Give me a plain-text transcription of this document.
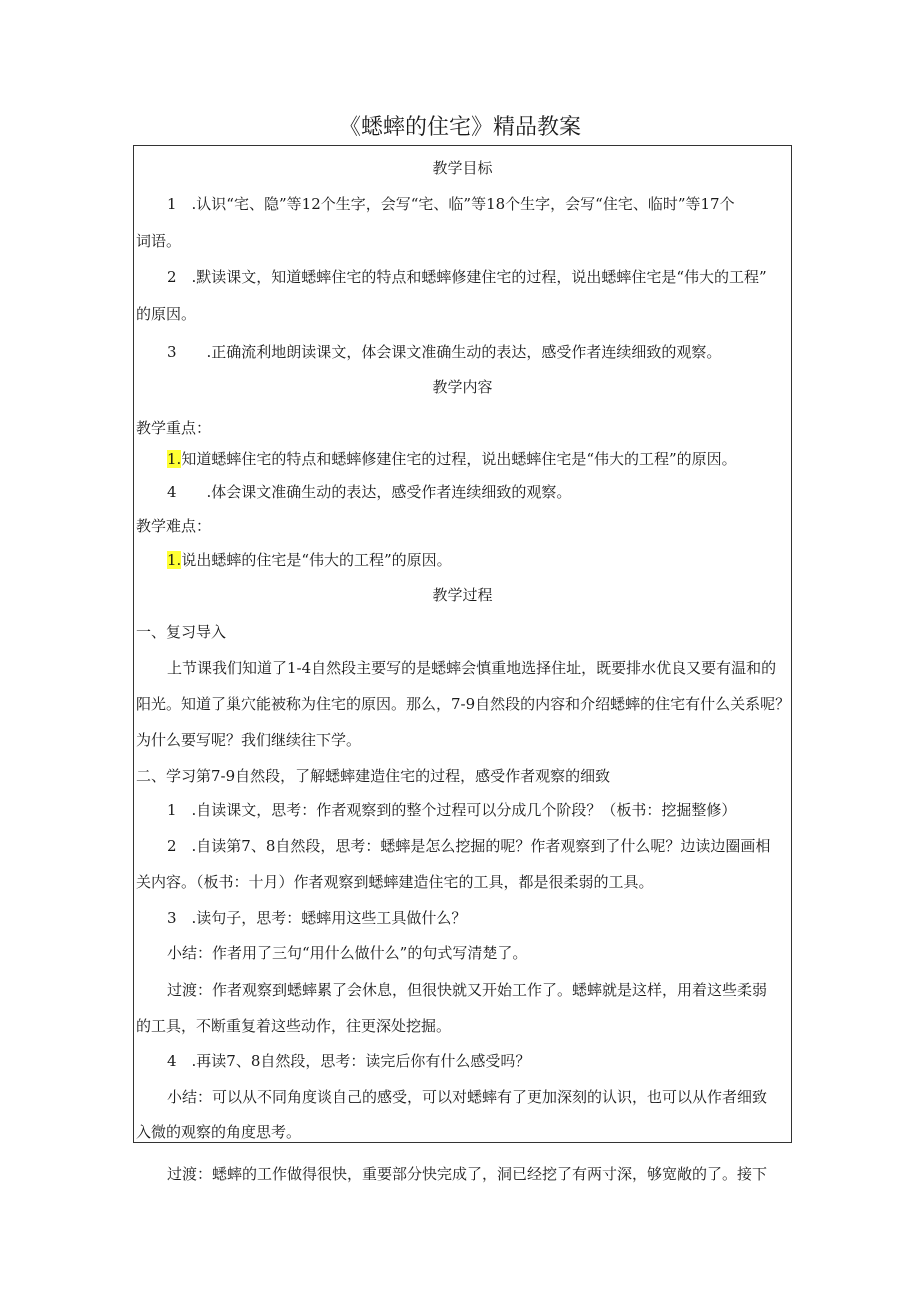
《蟋蟀的住宅》精品教案
教学目标
1　.认识“宅、隐”等12个生字，会写“宅、临”等18个生字，会写“住宅、临时”等17个
词语。
2　.默读课文，知道蟋蟀住宅的特点和蟋蟀修建住宅的过程，说出蟋蟀住宅是“伟大的工程”
的原因。
3　　.正确流利地朗读课文，体会课文准确生动的表达，感受作者连续细致的观察。
教学内容
教学重点：
1.知道蟋蟀住宅的特点和蟋蟀修建住宅的过程，说出蟋蟀住宅是“伟大的工程”的原因。
4　　.体会课文准确生动的表达，感受作者连续细致的观察。
教学难点：
1.说出蟋蟀的住宅是“伟大的工程”的原因。
教学过程
一、复习导入
上节课我们知道了1-4自然段主要写的是蟋蟀会慎重地选择住址，既要排水优良又要有温和的
阳光。知道了巢穴能被称为住宅的原因。那么，7-9自然段的内容和介绍蟋蟀的住宅有什么关系呢？
为什么要写呢？我们继续往下学。
二、学习第7-9自然段，了解蟋蟀建造住宅的过程，感受作者观察的细致
1　.自读课文，思考：作者观察到的整个过程可以分成几个阶段？（板书：挖掘整修）
2　.自读第7、8自然段，思考：蟋蟀是怎么挖掘的呢？作者观察到了什么呢？边读边圈画相
关内容。（板书：十月）作者观察到蟋蟀建造住宅的工具，都是很柔弱的工具。
3　.读句子，思考：蟋蟀用这些工具做什么？
小结：作者用了三句“用什么做什么”的句式写清楚了。
过渡：作者观察到蟋蟀累了会休息，但很快就又开始工作了。蟋蟀就是这样，用着这些柔弱
的工具，不断重复着这些动作，往更深处挖掘。
4　.再读7、8自然段，思考：读完后你有什么感受吗？
小结：可以从不同角度谈自己的感受，可以对蟋蟀有了更加深刻的认识，也可以从作者细致
入微的观察的角度思考。
过渡：蟋蟀的工作做得很快，重要部分快完成了，洞已经挖了有两寸深，够宽敞的了。接下
